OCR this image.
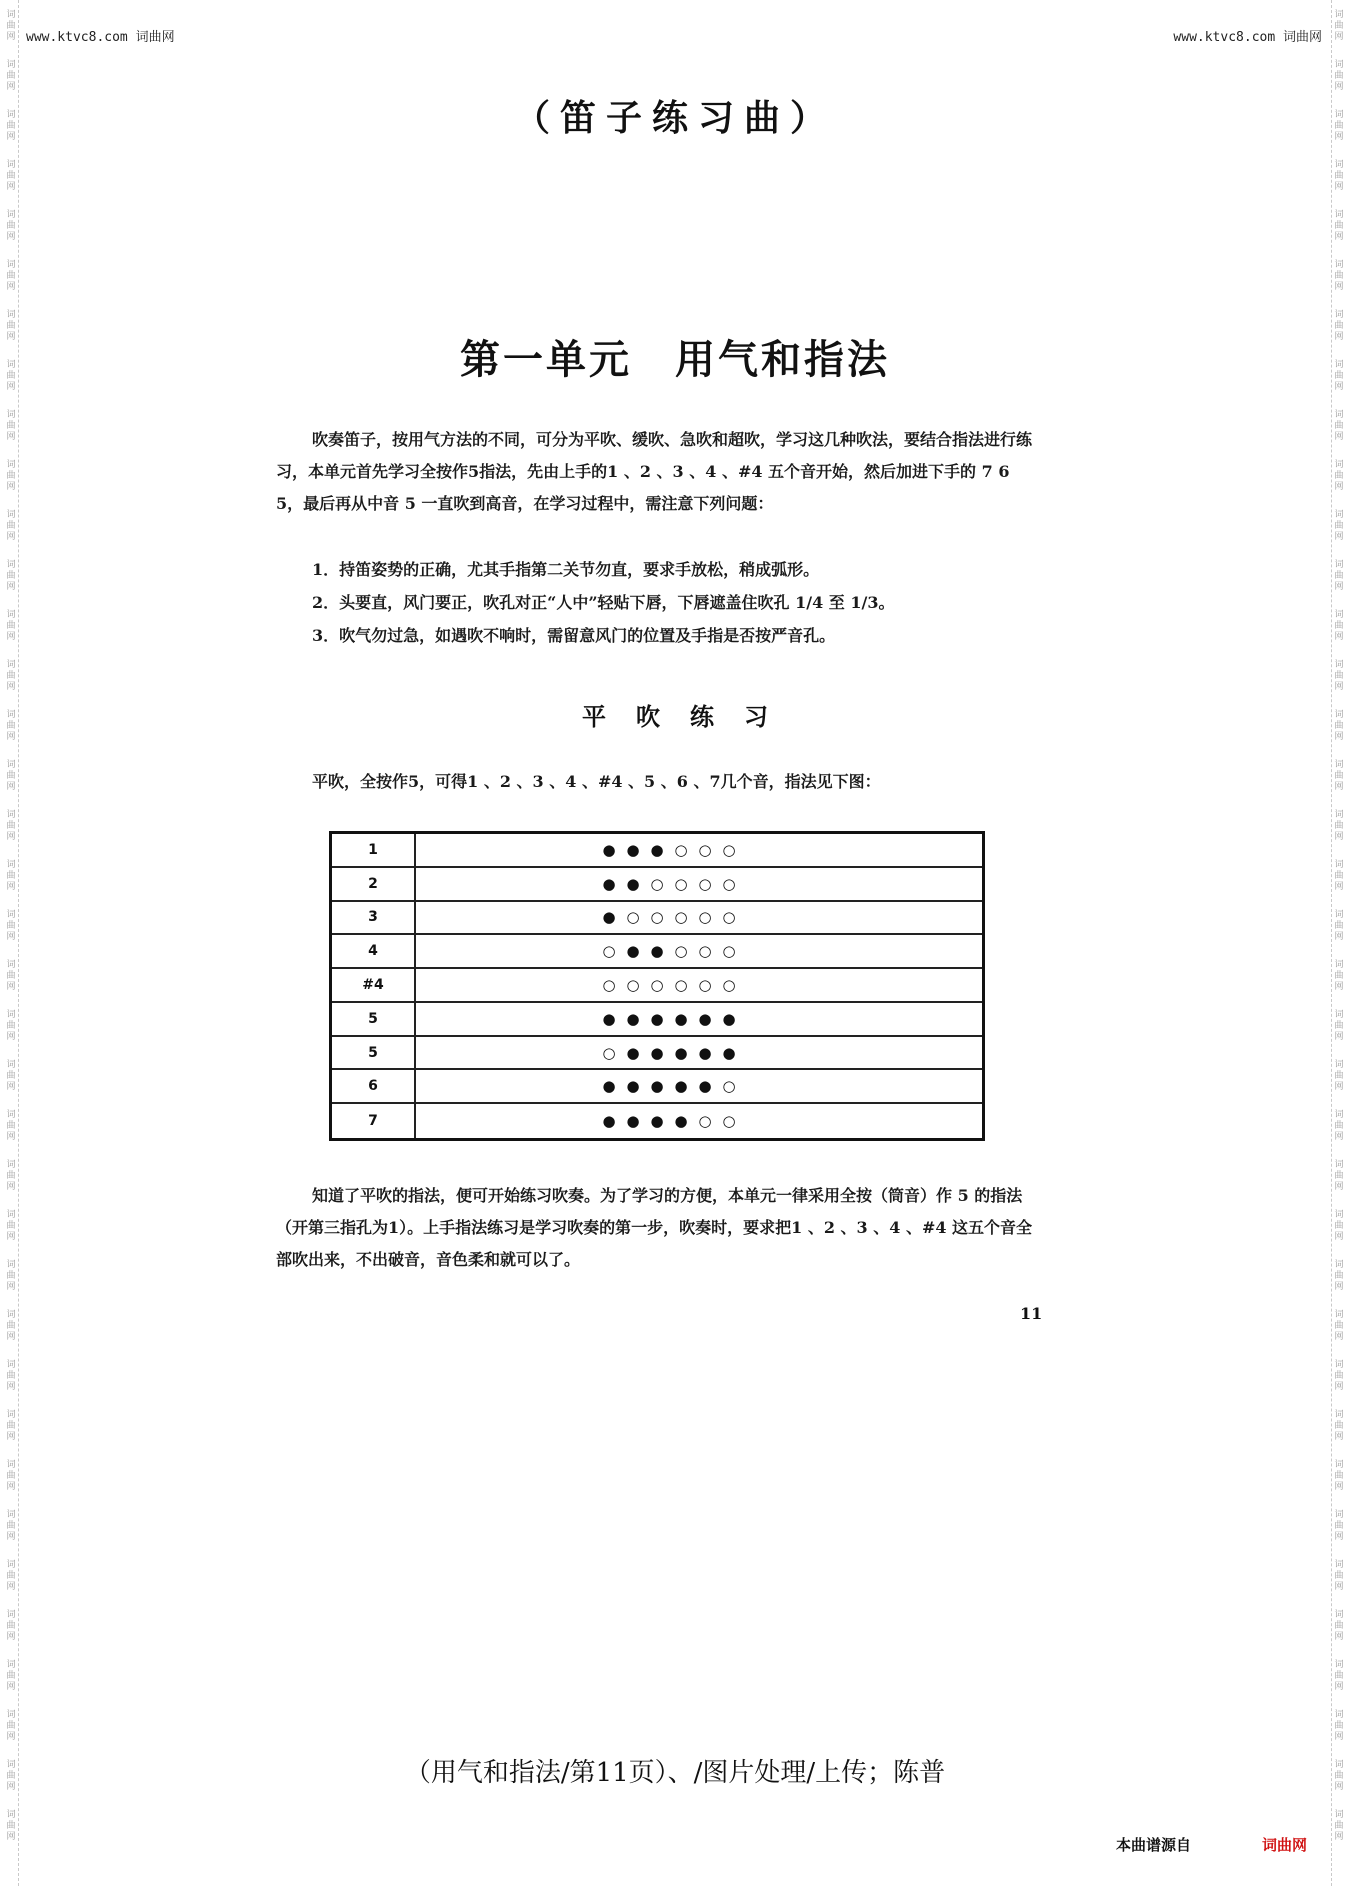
词曲网
词曲网
词曲网
词曲网
词曲网
词曲网
词曲网
词曲网
词曲网
词曲网
词曲网
词曲网
词曲网
词曲网
词曲网
词曲网
词曲网
词曲网
词曲网
词曲网
词曲网
词曲网
词曲网
词曲网
词曲网
词曲网
词曲网
词曲网
词曲网
词曲网
词曲网
词曲网
词曲网
词曲网
词曲网
词曲网
词曲网
词曲网
词曲网
词曲网
词曲网
词曲网
词曲网
词曲网
词曲网
词曲网
词曲网
词曲网
词曲网
词曲网
词曲网
词曲网
词曲网
词曲网
词曲网
词曲网
词曲网
词曲网
词曲网
词曲网
词曲网
词曲网
词曲网
词曲网
词曲网
词曲网
词曲网
词曲网
词曲网
词曲网
词曲网
词曲网
词曲网
词曲网
www.ktvc8.com 词曲网	www.ktvc8.com 词曲网
（笛子练习曲）
第一单元　用气和指法
吹奏笛子，按用气方法的不同，可分为平吹、缓吹、急吹和超吹，学习这几种吹法，要结合指法进行练习，本单元首先学习全按作5指法，先由上手的1 、2 、3 、4 、#4 五个音开始，然后加进下手的 7 6 5，最后再从中音 5 一直吹到高音，在学习过程中，需注意下列问题：
1．持笛姿势的正确，尤其手指第二关节勿直，要求手放松，稍成弧形。
2．头要直，风门要正，吹孔对正“人中”轻贴下唇，下唇遮盖住吹孔 1/4 至 1/3。
3．吹气勿过急，如遇吹不响时，需留意风门的位置及手指是否按严音孔。
平吹练习
平吹，全按作5，可得1 、2 、3 、4 、#4 、5 、6 、7几个音，指法见下图：
1	● ● ● ○ ○ ○
2	● ● ○ ○ ○ ○
3	● ○ ○ ○ ○ ○
4	○ ● ● ○ ○ ○
#4	○ ○ ○ ○ ○ ○
5	● ● ● ● ● ●
5	○ ● ● ● ● ●
6	● ● ● ● ● ○
7	● ● ● ● ○ ○
知道了平吹的指法，便可开始练习吹奏。为了学习的方便，本单元一律采用全按（筒音）作 5 的指法（开第三指孔为1）。上手指法练习是学习吹奏的第一步，吹奏时，要求把1 、2 、3 、4 、#4 这五个音全部吹出来，不出破音，音色柔和就可以了。
11
（用气和指法/第11页）、/图片处理/上传；陈普
本曲谱源自	词曲网
